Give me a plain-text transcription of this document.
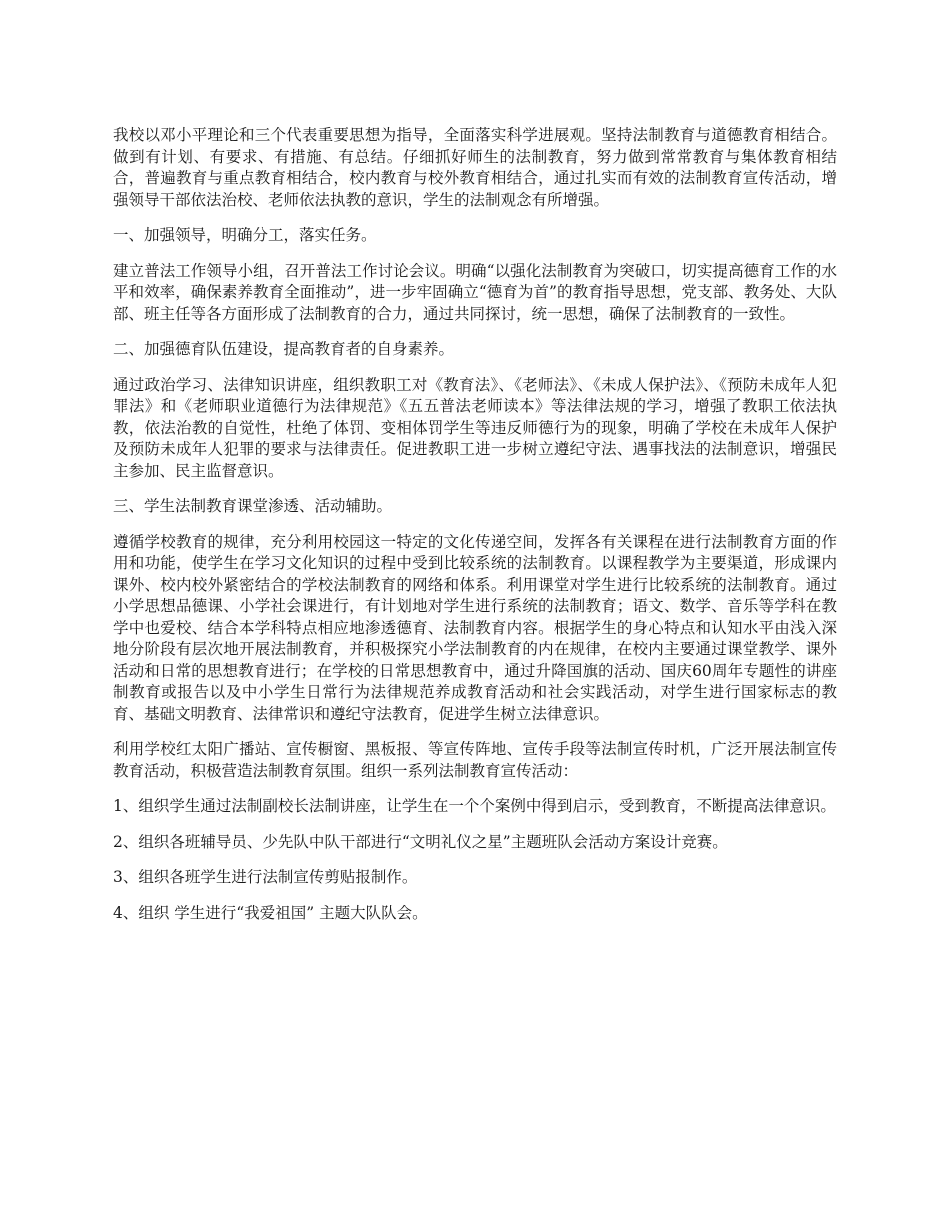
我校以邓小平理论和三个代表重要思想为指导，全面落实科学进展观。坚持法制教育与道德教育相结合。做到有计划、有要求、有措施、有总结。仔细抓好师生的法制教育，努力做到常常教育与集体教育相结合，普遍教育与重点教育相结合，校内教育与校外教育相结合，通过扎实而有效的法制教育宣传活动，增强领导干部依法治校、老师依法执教的意识，学生的法制观念有所增强。

一、加强领导，明确分工，落实任务。

建立普法工作领导小组，召开普法工作讨论会议。明确“以强化法制教育为突破口，切实提高德育工作的水平和效率，确保素养教育全面推动”，进一步牢固确立“德育为首”的教育指导思想，党支部、教务处、大队部、班主任等各方面形成了法制教育的合力，通过共同探讨，统一思想，确保了法制教育的一致性。

二、加强德育队伍建设，提高教育者的自身素养。

通过政治学习、法律知识讲座，组织教职工对《教育法》、《老师法》、《未成人保护法》、《预防未成年人犯罪法》和《老师职业道德行为法律规范》《五五普法老师读本》等法律法规的学习，增强了教职工依法执教，依法治教的自觉性，杜绝了体罚、变相体罚学生等违反师德行为的现象，明确了学校在未成年人保护及预防未成年人犯罪的要求与法律责任。促进教职工进一步树立遵纪守法、遇事找法的法制意识，增强民主参加、民主监督意识。

三、学生法制教育课堂渗透、活动辅助。

遵循学校教育的规律，充分利用校园这一特定的文化传递空间，发挥各有关课程在进行法制教育方面的作用和功能，使学生在学习文化知识的过程中受到比较系统的法制教育。以课程教学为主要渠道，形成课内课外、校内校外紧密结合的学校法制教育的网络和体系。利用课堂对学生进行比较系统的法制教育。通过小学思想品德课、小学社会课进行，有计划地对学生进行系统的法制教育；语文、数学、音乐等学科在教学中也爱校、结合本学科特点相应地渗透德育、法制教育内容。根据学生的身心特点和认知水平由浅入深地分阶段有层次地开展法制教育，并积极探究小学法制教育的内在规律，在校内主要通过课堂教学、课外活动和日常的思想教育进行；在学校的日常思想教育中，通过升降国旗的活动、国庆60周年专题性的讲座制教育或报告以及中小学生日常行为法律规范养成教育活动和社会实践活动，对学生进行国家标志的教育、基础文明教育、法律常识和遵纪守法教育，促进学生树立法律意识。

利用学校红太阳广播站、宣传橱窗、黑板报、等宣传阵地、宣传手段等法制宣传时机，广泛开展法制宣传教育活动，积极营造法制教育氛围。组织一系列法制教育宣传活动：

1、组织学生通过法制副校长法制讲座，让学生在一个个案例中得到启示，受到教育，不断提高法律意识。

2、组织各班辅导员、少先队中队干部进行“文明礼仪之星”主题班队会活动方案设计竞赛。

3、组织各班学生进行法制宣传剪贴报制作。

4、组织 学生进行“我爱祖国” 主题大队队会。
